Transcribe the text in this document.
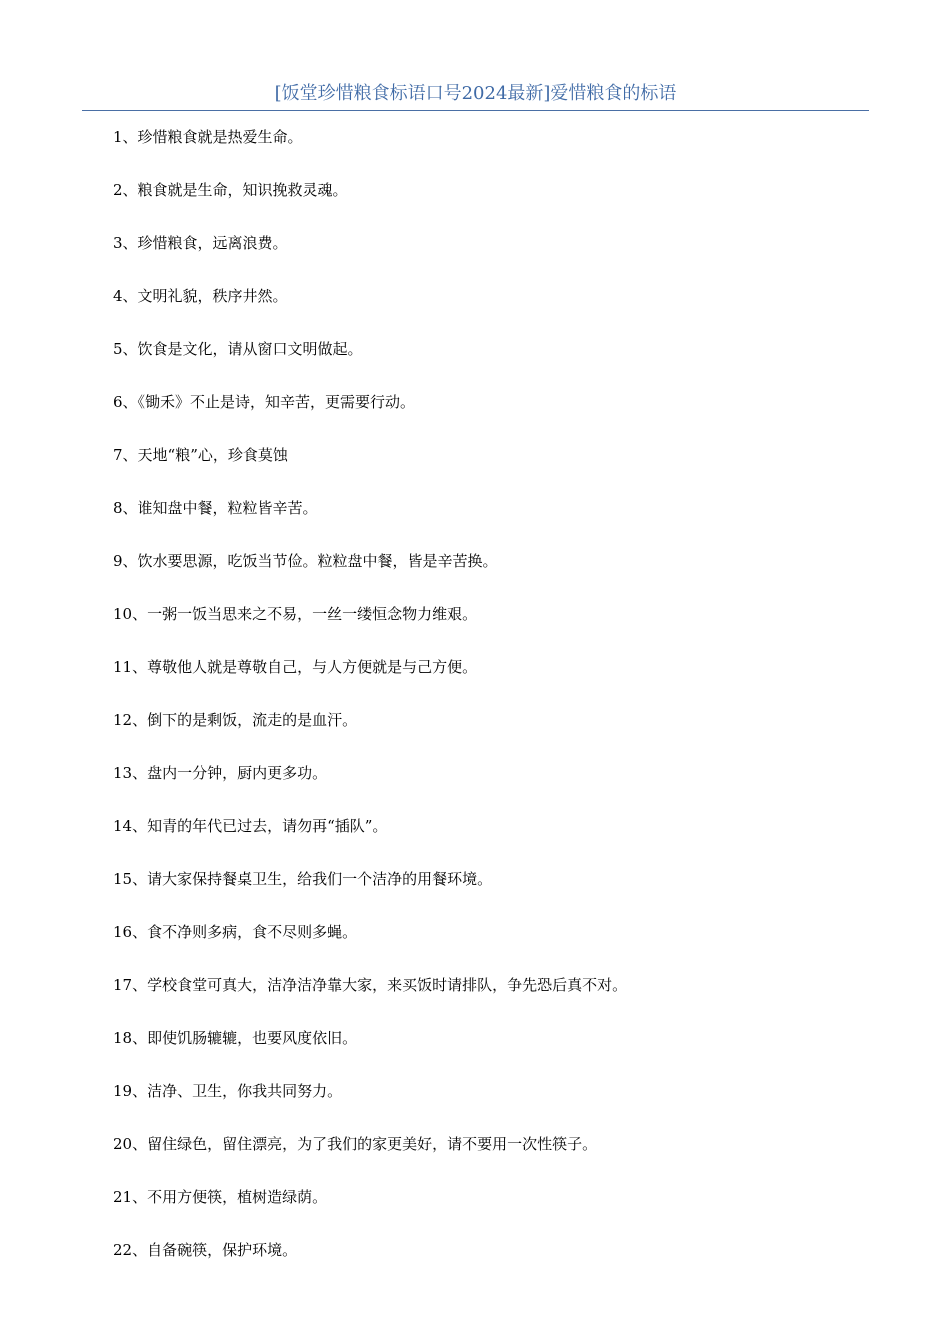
[饭堂珍惜粮食标语口号2024最新]爱惜粮食的标语
1、珍惜粮食就是热爱生命。
2、粮食就是生命，知识挽救灵魂。
3、珍惜粮食，远离浪费。
4、文明礼貌，秩序井然。
5、饮食是文化，请从窗口文明做起。
6、《锄禾》不止是诗，知辛苦，更需要行动。
7、天地“粮”心，珍食莫蚀
8、谁知盘中餐，粒粒皆辛苦。
9、饮水要思源，吃饭当节俭。粒粒盘中餐，皆是辛苦换。
10、一粥一饭当思来之不易，一丝一缕恒念物力维艰。
11、尊敬他人就是尊敬自己，与人方便就是与己方便。
12、倒下的是剩饭，流走的是血汗。
13、盘内一分钟，厨内更多功。
14、知青的年代已过去，请勿再“插队”。
15、请大家保持餐桌卫生，给我们一个洁净的用餐环境。
16、食不净则多病，食不尽则多蝇。
17、学校食堂可真大，洁净洁净靠大家，来买饭时请排队，争先恐后真不对。
18、即使饥肠辘辘，也要风度依旧。
19、洁净、卫生，你我共同努力。
20、留住绿色，留住漂亮，为了我们的家更美好，请不要用一次性筷子。
21、不用方便筷，植树造绿荫。
22、自备碗筷，保护环境。
